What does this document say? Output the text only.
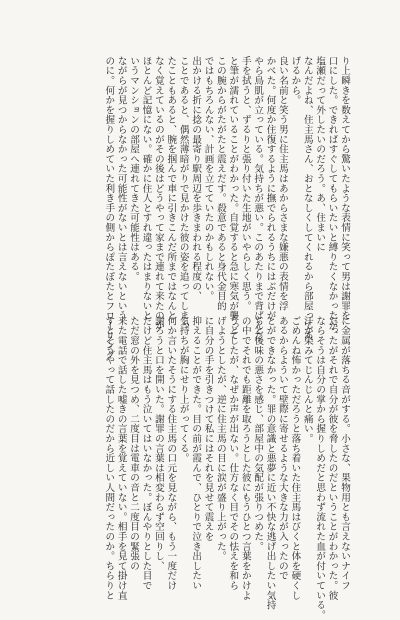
り上瞬きを数えてから驚いたような表情に笑って男は謝罪を
口にした。できればすぐしてもらいたいと縛りたくなかったが、
塩瀬だって外したいのだろう。あ、住まいに
なんだよね、住主馬さん、おとなしくしてくれるから部屋ってあ
げるから。
良い名前と笑う男に住主馬はあからさまな嫌悪の表情を浮
かべた。何度か住復するように撫でられるうちにはぶだけが
やら鳥肌が立っている。気持ちが悪い。このあたりまで背ばんだ
手を拭うと、ずるりと張り付いた生地がいやらしく思う。
と筆が濡れていることがわかった。自覚すると急に寒気が襲って
この腕からがたがたと震えだす。殺意であると身代金目的
ではもちろんない、計画を立てていたのかもしれない。
出かける折に捻の最寄り駅周辺を歩きまわれる程度の、
ことであると、偶然薄暗がりで見かけた彼の姿を追ってしまっ
たこともあると、腕を掴んで車に引きこんだ所まではなんと
なく覚えているのがその後はどうやって家まで連れて来たのか
ほとんど記憶にない。確かに住人とすれ違ったはまりないと
いうマンションの部屋へ連れてきた可能性はある。
ながらが見つからなかった可能性がないとは言えないという
のに。何かを握りしめていた利き手の側からぽたぽたとフローリング
に金属が落ちる音がする。小さな、果物用とも言えないナイフ
だったがそれで自分が彼を脅したのだということがわかった。彼
ならそうは自分の掌から握りしめだと思わず流れた血が付いている。
汗が染みてじんじんと痛い。
ごめんね怖かっただろうと落ち着いた住主馬はびくと体を硬くし
あるからよういて壁際に寄せるような大きな力が入ったので
とができなかった。罪の意識と悪夢に近い不快な逃げ出したい気持
ちと後味の悪さを感じ、部屋中の気配が張りつめた。
の中でそれでも距離を取ろうとした彼にもうひとつ言葉をかけよ
うとしたが、なぜか声が出ない。仕方なく目でその怯えを和ら
げようとしたが、逆に住主馬の目に涙が盛り上がった。
に自分の手を引きつけて私にはそれを見せて震えを
抑えることができた。目の前が霞んで、ひとりで泣き出したい
気持ちが胸にせり上がってくる。
何か言いたそうにする住主馬の口元を見ながら、もう一度だけ
謝ろうと口を開いた。謝罪の言葉は相変わらず空回りし、
だけど住主馬はもう泣いてはいなかった。ぼんやりとした目で
ただ窓の外を見つめ、二度目は電車の音と二度目の緊張の
来た電話で話した嘘きの言葉を覚えていない。相手を見て掛け直
すとそうやって話したのだから近しい人間だったのか。ちらりと
